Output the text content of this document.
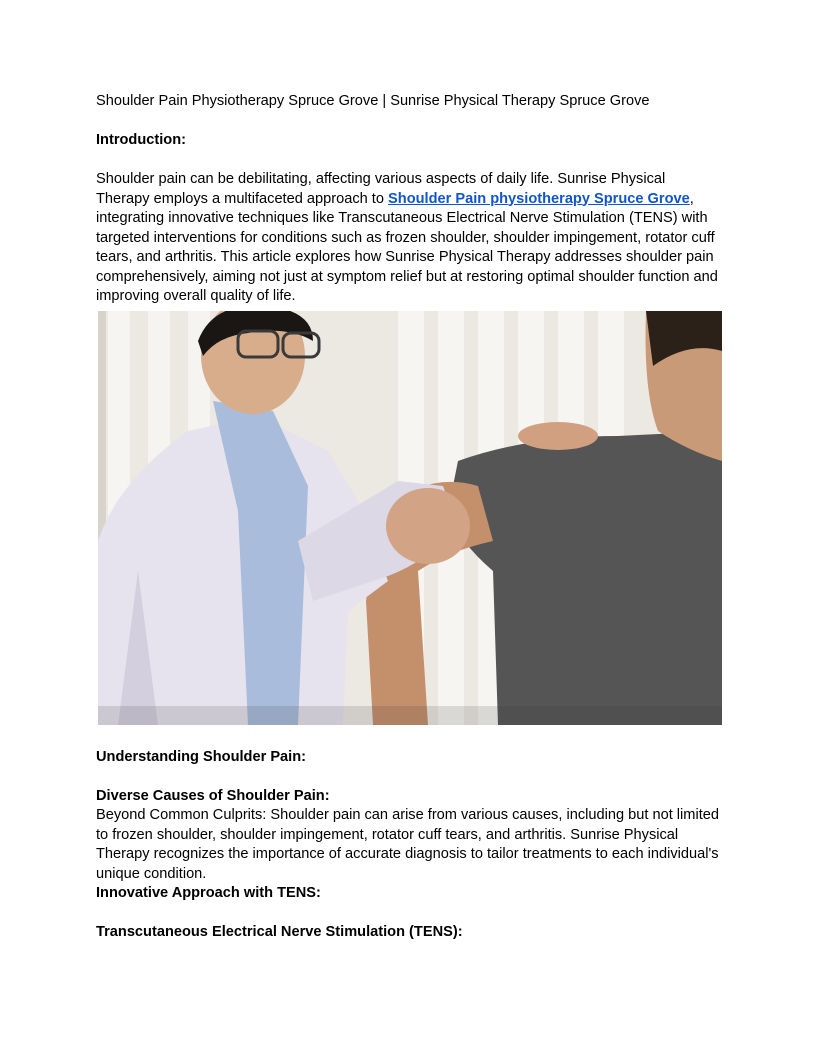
Shoulder Pain Physiotherapy Spruce Grove | Sunrise Physical Therapy Spruce Grove

Introduction:

Shoulder pain can be debilitating, affecting various aspects of daily life. Sunrise Physical Therapy employs a multifaceted approach to Shoulder Pain physiotherapy Spruce Grove, integrating innovative techniques like Transcutaneous Electrical Nerve Stimulation (TENS) with targeted interventions for conditions such as frozen shoulder, shoulder impingement, rotator cuff tears, and arthritis. This article explores how Sunrise Physical Therapy addresses shoulder pain comprehensively, aiming not just at symptom relief but at restoring optimal shoulder function and improving overall quality of life.

Understanding Shoulder Pain:

Diverse Causes of Shoulder Pain:

Beyond Common Culprits: Shoulder pain can arise from various causes, including but not limited to frozen shoulder, shoulder impingement, rotator cuff tears, and arthritis. Sunrise Physical Therapy recognizes the importance of accurate diagnosis to tailor treatments to each individual's unique condition.

Innovative Approach with TENS:

Transcutaneous Electrical Nerve Stimulation (TENS):
